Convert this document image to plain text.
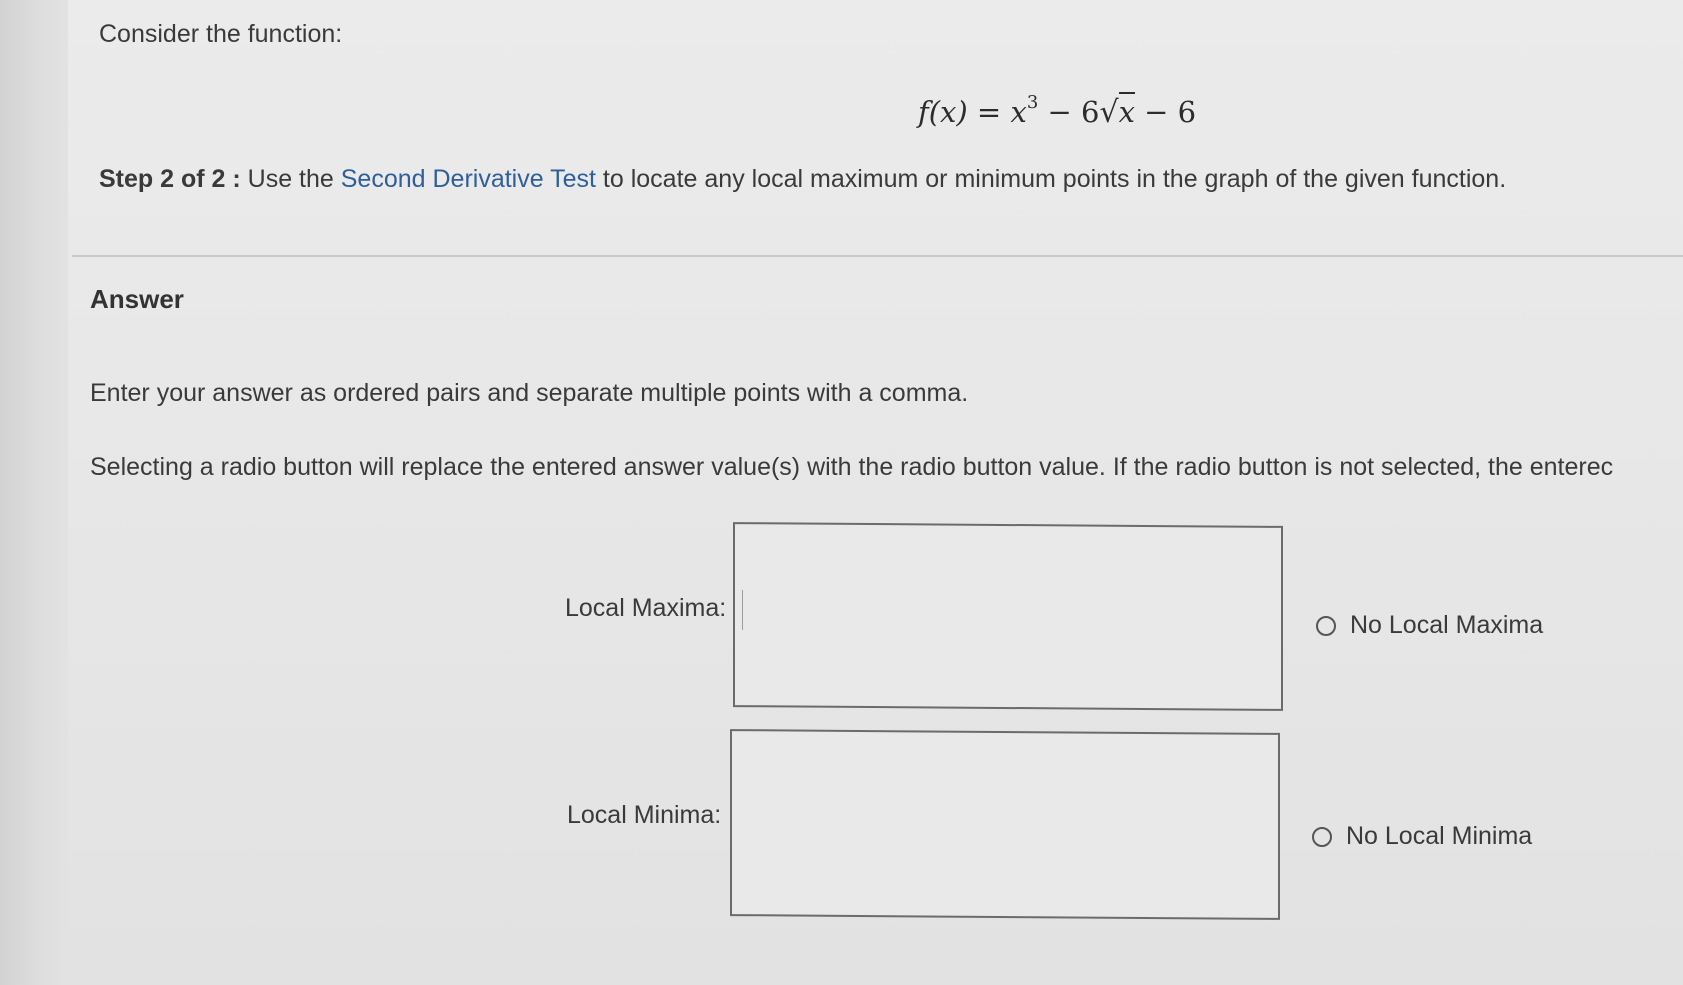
Consider the function:
$f(x) = x^3 - 6√x - 6$
Step 2 of 2 : Use the Second Derivative Test to locate any local maximum or minimum points in the graph of the given function.
Answer
Enter your answer as ordered pairs and separate multiple points with a comma.
Selecting a radio button will replace the entered answer value(s) with the radio button value. If the radio button is not selected, the enterec
Local Maxima:
No Local Maxima
Local Minima:
No Local Minima
